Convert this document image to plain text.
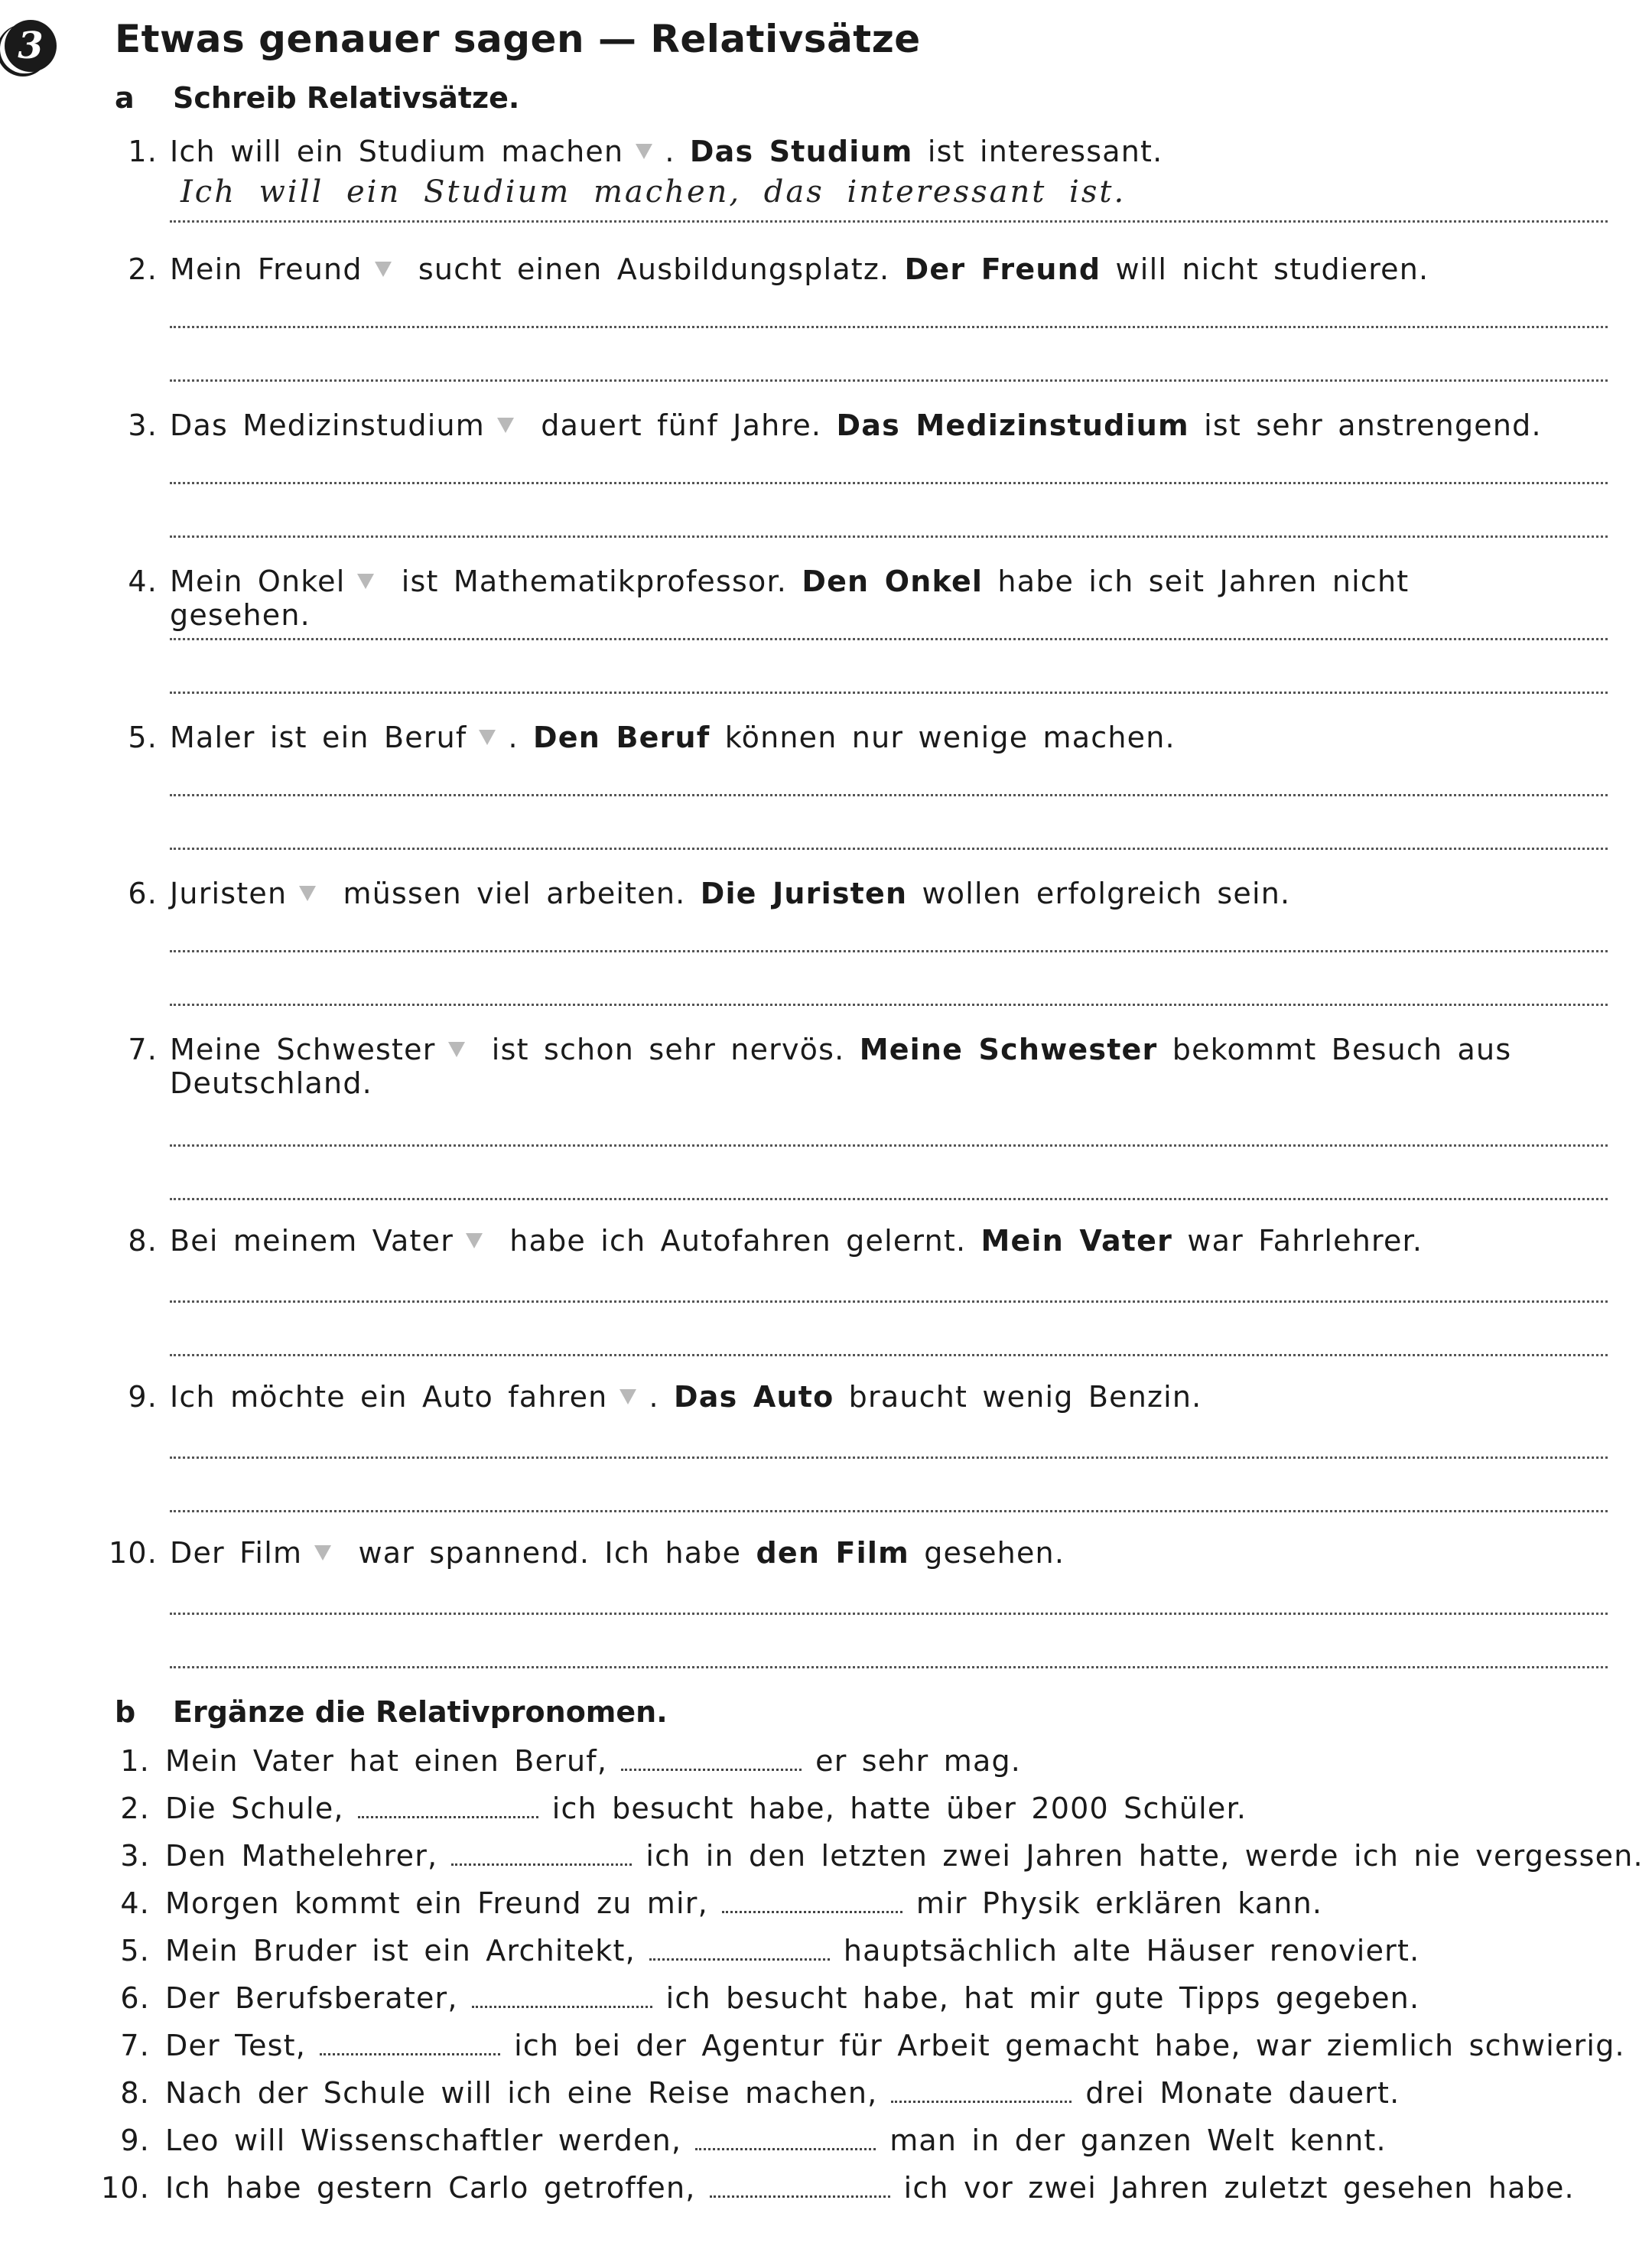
3	Etwas genauer sagen — Relativsätze
a Schreib Relativsätze.
1. Ich will ein Studium machen . Das Studium ist interessant.
2. Mein Freund sucht einen Ausbildungsplatz. Der Freund will nicht studieren.
3. Das Medizinstudium dauert fünf Jahre. Das Medizinstudium ist sehr anstrengend.
4. Mein Onkel ist Mathematikprofessor. Den Onkel habe ich seit Jahren nicht gesehen.
5. Maler ist ein Beruf . Den Beruf können nur wenige machen.
6. Juristen müssen viel arbeiten. Die Juristen wollen erfolgreich sein.
7. Meine Schwester ist schon sehr nervös. Meine Schwester bekommt Besuch aus Deutschland.
8. Bei meinem Vater habe ich Autofahren gelernt. Mein Vater war Fahrlehrer.
9. Ich möchte ein Auto fahren . Das Auto braucht wenig Benzin.
10. Der Film war spannend. Ich habe den Film gesehen.
Ich will ein Studium machen, das interessant ist.
b Ergänze die Relativpronomen.
1. Mein Vater hat einen Beruf,	er sehr mag.
2. Die Schule,	ich besucht habe, hatte über 2000 Schüler.
3. Den Mathelehrer,	ich in den letzten zwei Jahren hatte, werde ich nie vergessen.
4. Morgen kommt ein Freund zu mir,	mir Physik erklären kann.
5. Mein Bruder ist ein Architekt,	hauptsächlich alte Häuser renoviert.
6. Der Berufsberater,	ich besucht habe, hat mir gute Tipps gegeben.
7. Der Test,	ich bei der Agentur für Arbeit gemacht habe, war ziemlich schwierig.
8. Nach der Schule will ich eine Reise machen,	drei Monate dauert.
9. Leo will Wissenschaftler werden,	man in der ganzen Welt kennt.
10. Ich habe gestern Carlo getroffen,	ich vor zwei Jahren zuletzt gesehen habe.
